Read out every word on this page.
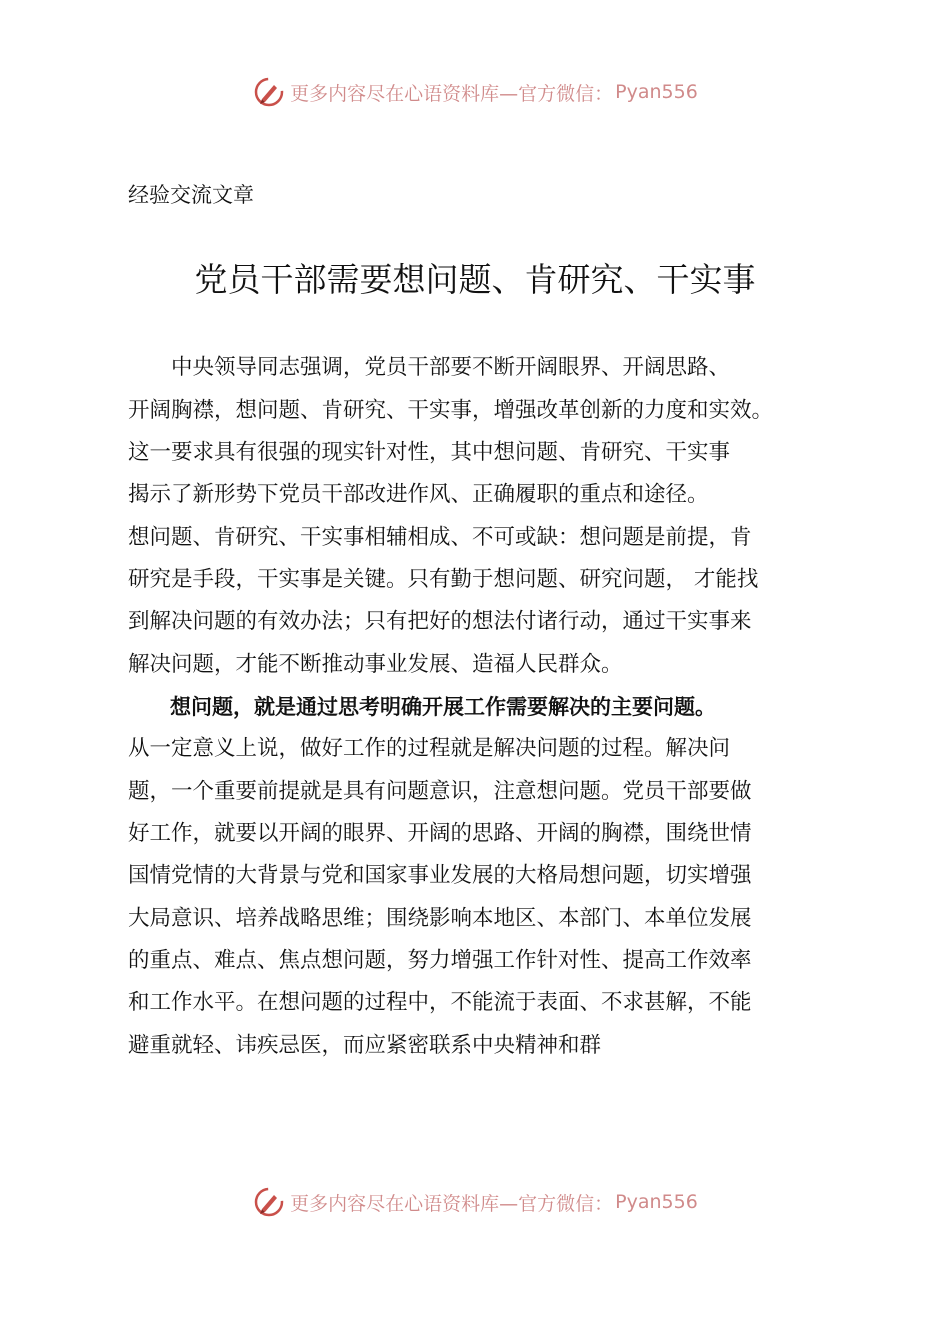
更多内容尽在心语资料库—官方微信： Pyan556
经验交流文章
党员干部需要想问题、肯研究、干实事
　　中央领导同志强调，党员干部要不断开阔眼界、开阔思路、
开阔胸襟，想问题、肯研究、干实事，增强改革创新的力度和实效。
这一要求具有很强的现实针对性，其中想问题、肯研究、干实事
揭示了新形势下党员干部改进作风、正确履职的重点和途径。
想问题、肯研究、干实事相辅相成、不可或缺：想问题是前提，肯
研究是手段，干实事是关键。只有勤于想问题、研究问题， 才能找
到解决问题的有效办法；只有把好的想法付诸行动，通过干实事来
解决问题，才能不断推动事业发展、造福人民群众。
　　想问题，就是通过思考明确开展工作需要解决的主要问题。
从一定意义上说，做好工作的过程就是解决问题的过程。解决问
题，一个重要前提就是具有问题意识，注意想问题。党员干部要做
好工作，就要以开阔的眼界、开阔的思路、开阔的胸襟，围绕世情
国情党情的大背景与党和国家事业发展的大格局想问题，切实增强
大局意识、培养战略思维；围绕影响本地区、本部门、本单位发展
的重点、难点、焦点想问题，努力增强工作针对性、提高工作效率
和工作水平。在想问题的过程中，不能流于表面、不求甚解，不能
避重就轻、讳疾忌医，而应紧密联系中央精神和群
更多内容尽在心语资料库—官方微信： Pyan556
